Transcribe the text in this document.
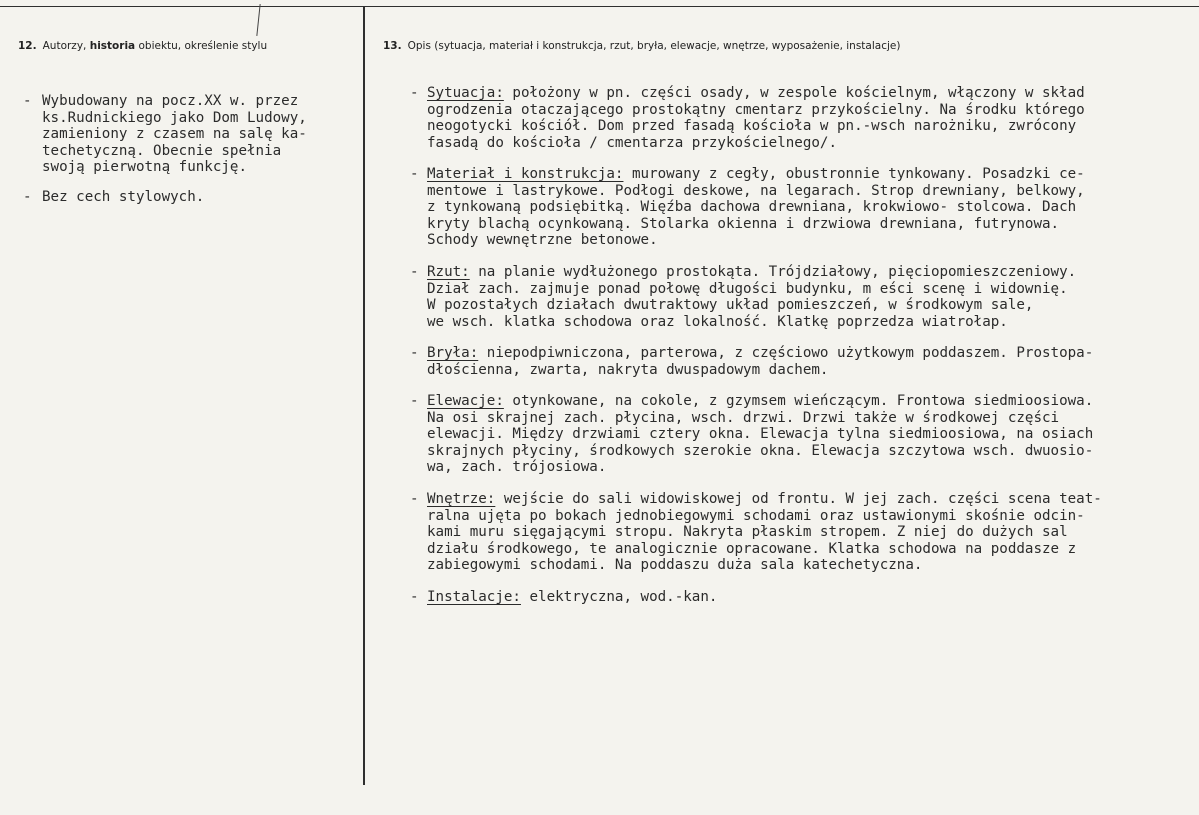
12. Autorzy, historia obiektu, określenie stylu	13. Opis (sytuacja, materiał i konstrukcja, rzut, bryła, elewacje, wnętrze, wyposażenie, instalacje)
- Wybudowany na pocz.XX w. przez
ks.Rudnickiego jako Dom Ludowy,
zamieniony z czasem na salę ka-
techetyczną. Obecnie spełnia
swoją pierwotną funkcję.
- Bez cech stylowych.
- Sytuacja: położony w pn. części osady, w zespole kościelnym, włączony w skład
ogrodzenia otaczającego prostokątny cmentarz przykościelny. Na środku którego
neogotycki kościół. Dom przed fasadą kościoła w pn.-wsch narożniku, zwrócony
fasadą do kościoła / cmentarza przykościelnego/.
- Materiał i konstrukcja: murowany z cegły, obustronnie tynkowany. Posadzki ce-
mentowe i lastrykowe. Podłogi deskowe, na legarach. Strop drewniany, belkowy,
z tynkowaną podsiębitką. Więźba dachowa drewniana, krokwiowo- stolcowa. Dach
kryty blachą ocynkowaną. Stolarka okienna i drzwiowa drewniana, futrynowa.
Schody wewnętrzne betonowe.
- Rzut: na planie wydłużonego prostokąta. Trójdziałowy, pięciopomieszczeniowy.
Dział zach. zajmuje ponad połowę długości budynku, m eści scenę i widownię.
W pozostałych działach dwutraktowy układ pomieszczeń, w środkowym sale,
we wsch. klatka schodowa oraz lokalność. Klatkę poprzedza wiatrołap.
- Bryła: niepodpiwniczona, parterowa, z częściowo użytkowym poddaszem. Prostopa-
dłościenna, zwarta, nakryta dwuspadowym dachem.
- Elewacje: otynkowane, na cokole, z gzymsem wieńczącym. Frontowa siedmioosiowa.
Na osi skrajnej zach. płycina, wsch. drzwi. Drzwi także w środkowej części
elewacji. Między drzwiami cztery okna. Elewacja tylna siedmioosiowa, na osiach
skrajnych płyciny, środkowych szerokie okna. Elewacja szczytowa wsch. dwuosio-
wa, zach. trójosiowa.
- Wnętrze: wejście do sali widowiskowej od frontu. W jej zach. części scena teat-
ralna ujęta po bokach jednobiegowymi schodami oraz ustawionymi skośnie odcin-
kami muru sięgającymi stropu. Nakryta płaskim stropem. Z niej do dużych sal
działu środkowego, te analogicznie opracowane. Klatka schodowa na poddasze z
zabiegowymi schodami. Na poddaszu duża sala katechetyczna.
- Instalacje: elektryczna, wod.-kan.
